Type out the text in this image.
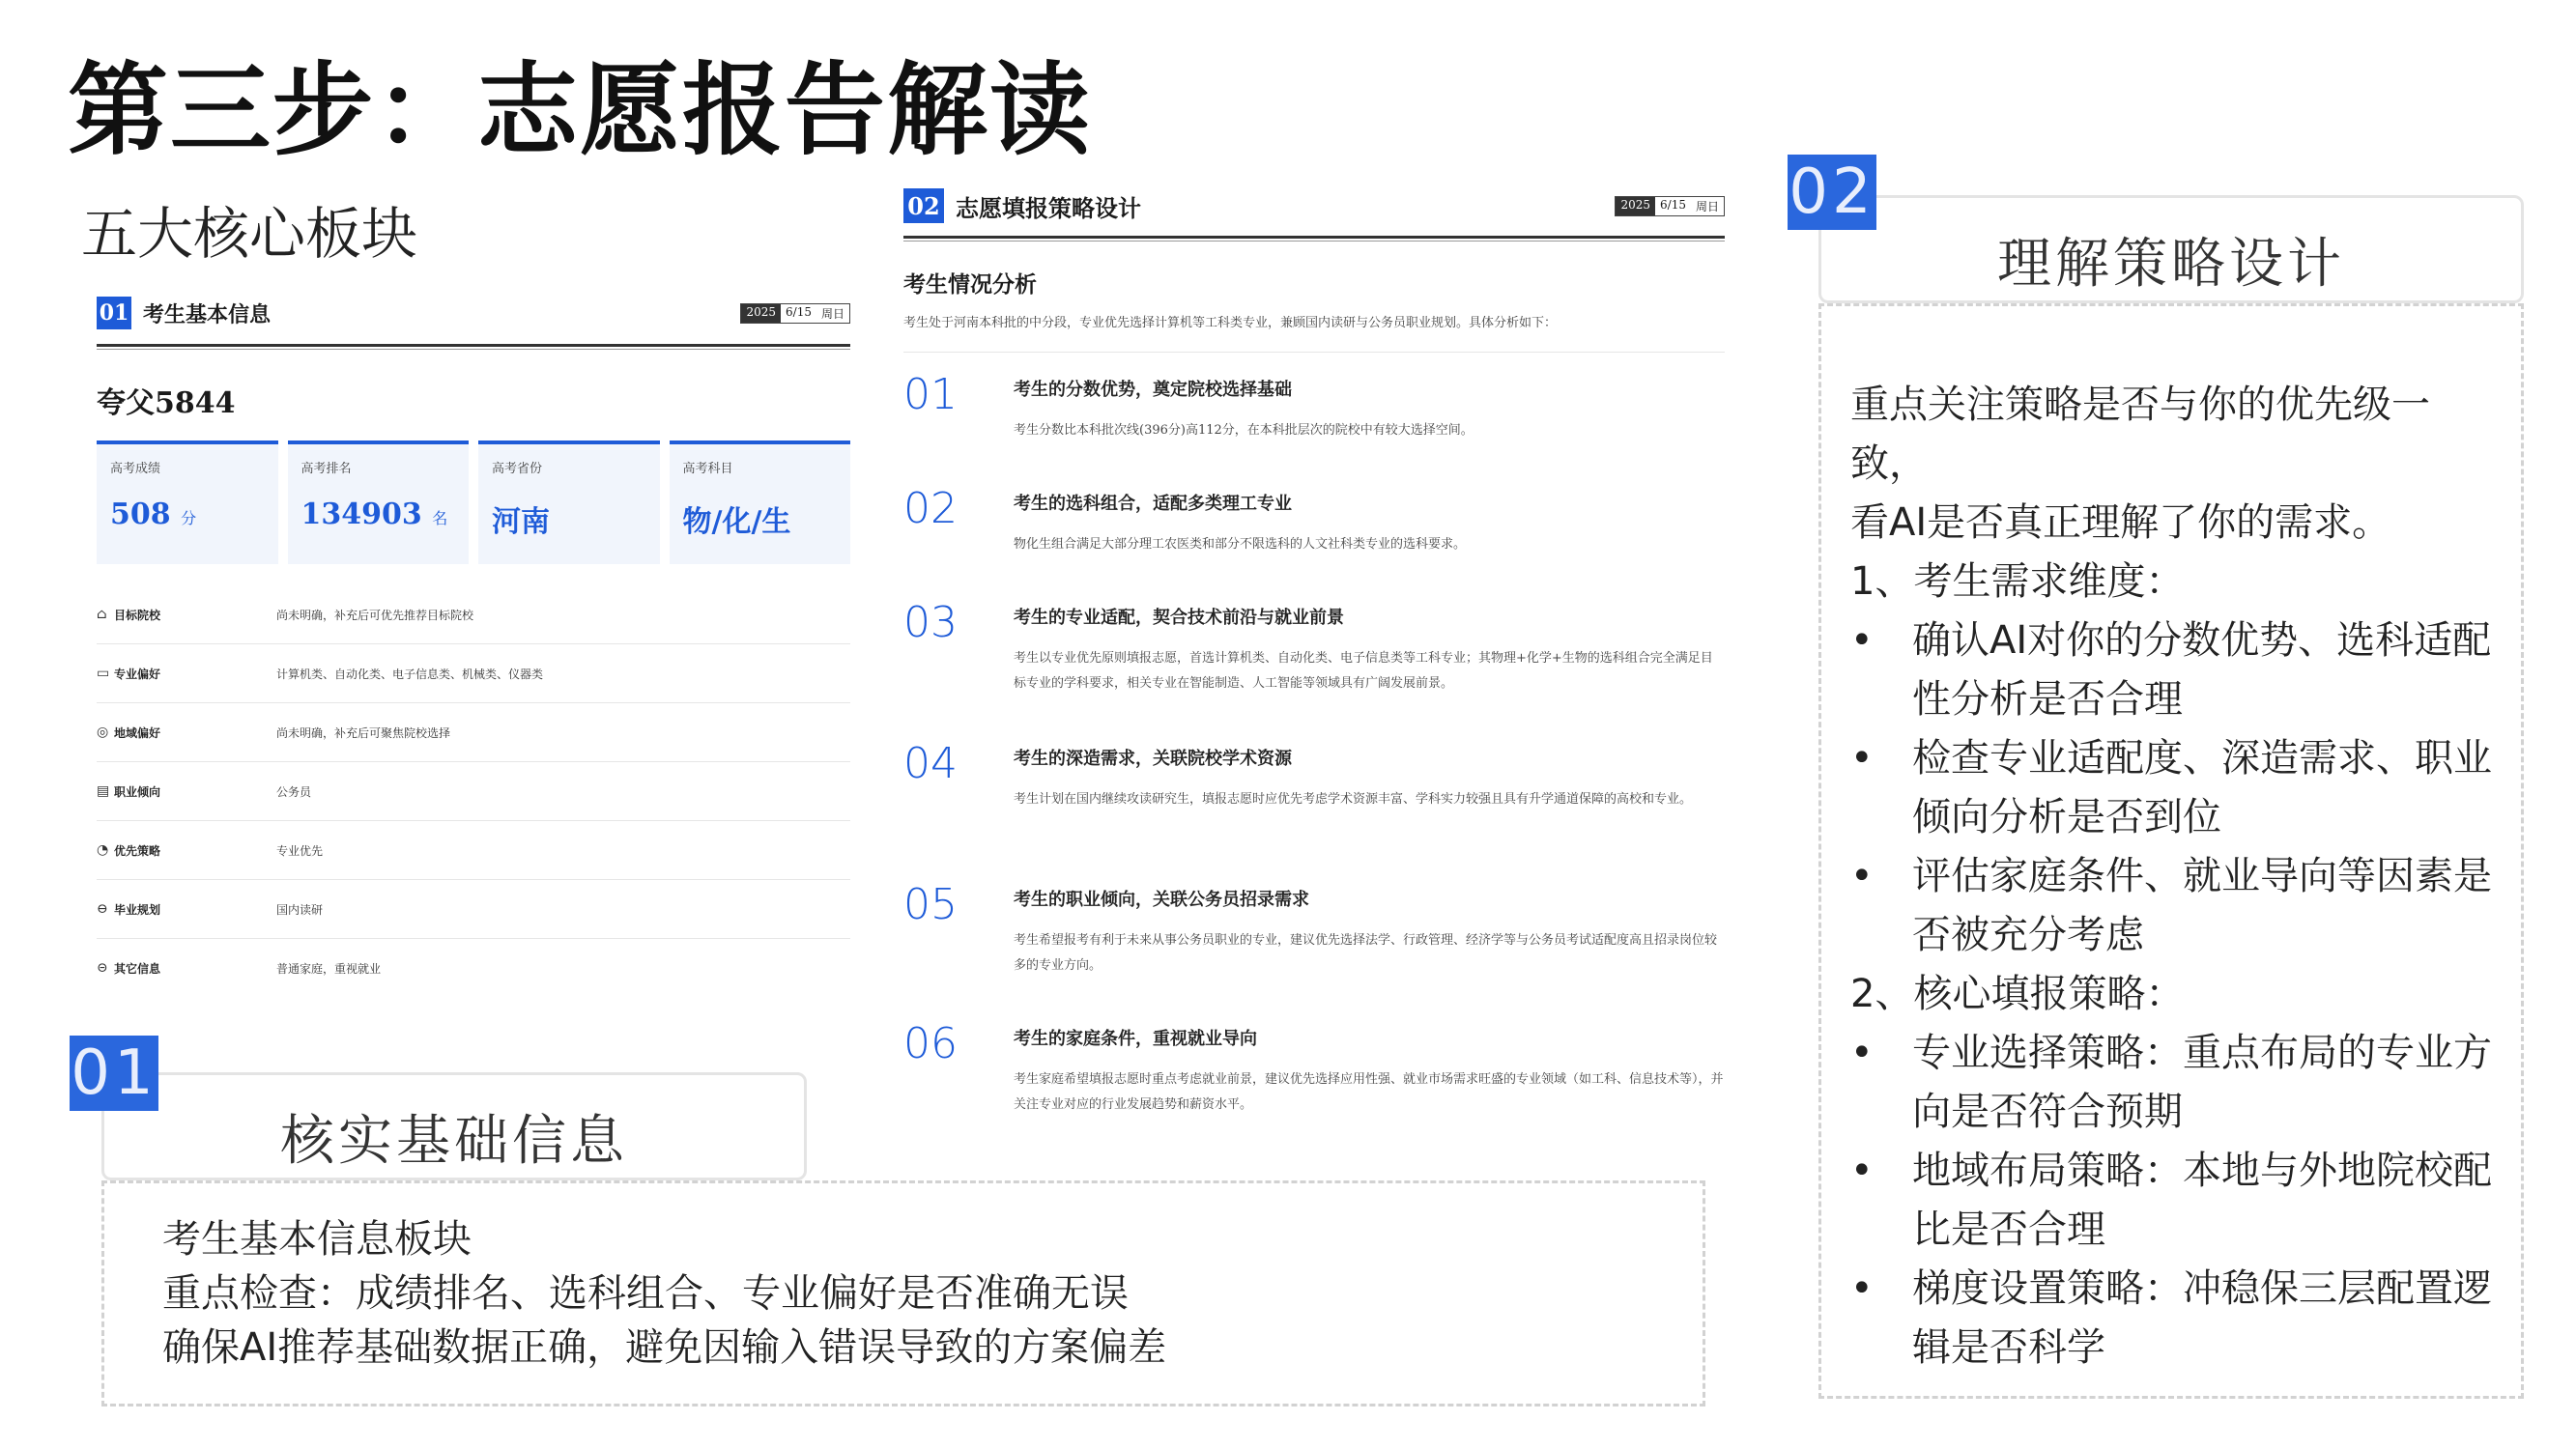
第三步：志愿报告解读
五大核心板块
01 考生基本信息	2025 6/15 周日
夸父5844
高考成绩
508 分
高考排名
134903 名
高考省份
河南
高考科目
物/化/生
⌂ 目标院校	尚未明确，补充后可优先推荐目标院校
▭ 专业偏好	计算机类、自动化类、电子信息类、机械类、仪器类
◎ 地域偏好	尚未明确，补充后可聚焦院校选择
▤ 职业倾向	公务员
◔ 优先策略	专业优先
⊖ 毕业规划	国内读研
⊝ 其它信息	普通家庭，重视就业
02 志愿填报策略设计	2025 6/15 周日
考生情况分析
考生处于河南本科批的中分段，专业优先选择计算机等工科类专业，兼顾国内读研与公务员职业规划。具体分析如下：
01	考生的分数优势，奠定院校选择基础
考生分数比本科批次线(396分)高112分，在本科批层次的院校中有较大选择空间。
02	考生的选科组合，适配多类理工专业
物化生组合满足大部分理工农医类和部分不限选科的人文社科类专业的选科要求。
03	考生的专业适配，契合技术前沿与就业前景
考生以专业优先原则填报志愿，首选计算机类、自动化类、电子信息类等工科专业；其物理+化学+生物的选科组合完全满足目标专业的学科要求，相关专业在智能制造、人工智能等领域具有广阔发展前景。
04	考生的深造需求，关联院校学术资源
考生计划在国内继续攻读研究生，填报志愿时应优先考虑学术资源丰富、学科实力较强且具有升学通道保障的高校和专业。
05	考生的职业倾向，关联公务员招录需求
考生希望报考有利于未来从事公务员职业的专业，建议优先选择法学、行政管理、经济学等与公务员考试适配度高且招录岗位较多的专业方向。
06	考生的家庭条件，重视就业导向
考生家庭希望填报志愿时重点考虑就业前景，建议优先选择应用性强、就业市场需求旺盛的专业领域（如工科、信息技术等），并关注专业对应的行业发展趋势和薪资水平。
核实基础信息
01
考生基本信息板块
重点检查：成绩排名、选科组合、专业偏好是否准确无误
确保AI推荐基础数据正确，避免因输入错误导致的方案偏差
理解策略设计
02
重点关注策略是否与你的优先级一致，
看AI是否真正理解了你的需求。
1、考生需求维度：
•	确认AI对你的分数优势、选科适配
性分析是否合理
•	检查专业适配度、深造需求、职业
倾向分析是否到位
•	评估家庭条件、就业导向等因素是
否被充分考虑
2、核心填报策略：
•	专业选择策略：重点布局的专业方
向是否符合预期
•	地域布局策略：本地与外地院校配
比是否合理
•	梯度设置策略：冲稳保三层配置逻
辑是否科学
